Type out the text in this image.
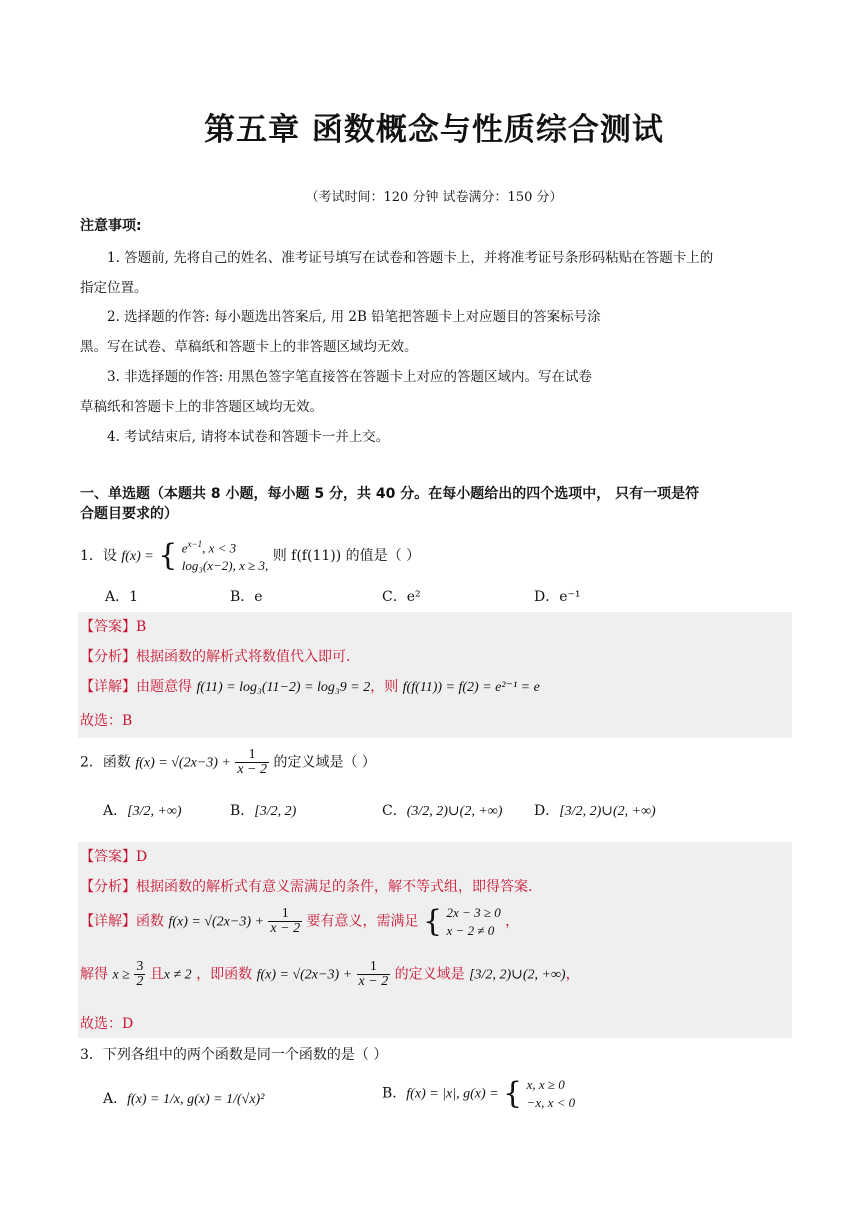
第五章 函数概念与性质综合测试
（考试时间：120 分钟 试卷满分：150 分）
注意事项:
1. 答题前, 先将自己的姓名、准考证号填写在试卷和答题卡上，并将准考证号条形码粘贴在答题卡上的
指定位置。
2. 选择题的作答: 每小题选出答案后, 用 2B 铅笔把答题卡上对应题目的答案标号涂
黑。写在试卷、草稿纸和答题卡上的非答题区域均无效。
3. 非选择题的作答: 用黑色签字笔直接答在答题卡上对应的答题区域内。写在试卷
草稿纸和答题卡上的非答题区域均无效。
4. 考试结束后, 请将本试卷和答题卡一并上交。
一、单选题（本题共 8 小题，每小题 5 分，共 40 分。在每小题给出的四个选项中， 只有一项是符
合题目要求的）
1．设 f(x) = { $e^{x-1}$, x < 3
log₃(x−2), x ≥ 3,
则 f(f(11)) 的值是（ ）
A．1	B．e	C．e²	D．e⁻¹
【答案】B
【分析】根据函数的解析式将数值代入即可.
【详解】由题意得 f(11) = log₃(11−2) = log₃9 = 2，则 f(f(11)) = f(2) = e²⁻¹ = e
故选：B
2．函数 $f(x) = √(2x-3) + \frac{1}{x - 2}$ 的定义域是（ ）
A．[3/2, +∞)	B．[3/2, 2)	C．(3/2, 2)∪(2, +∞) D．[3/2, 2)∪(2, +∞)
【答案】D
【分析】根据函数的解析式有意义需满足的条件，解不等式组，即得答案.
【详解】函数 $f(x) = √(2x-3) + \frac{1}{x - 2}$ 要有意义，需满足 { 2x − 3 ≥ 0
x − 2 ≠ 0
，
解得 $x \ge \frac{3}{2}$ 且x ≠ 2 ，即函数 $f(x) = √(2x-3) + \frac{1}{x - 2}$ 的定义域是 [3/2, 2)∪(2, +∞)，
故选：D
3．下列各组中的两个函数是同一个函数的是（ ）
A．f(x) = 1/x, g(x) = 1/(√x)²	B．f(x) = |x|, g(x) = { x, x ≥ 0
−x, x < 0
